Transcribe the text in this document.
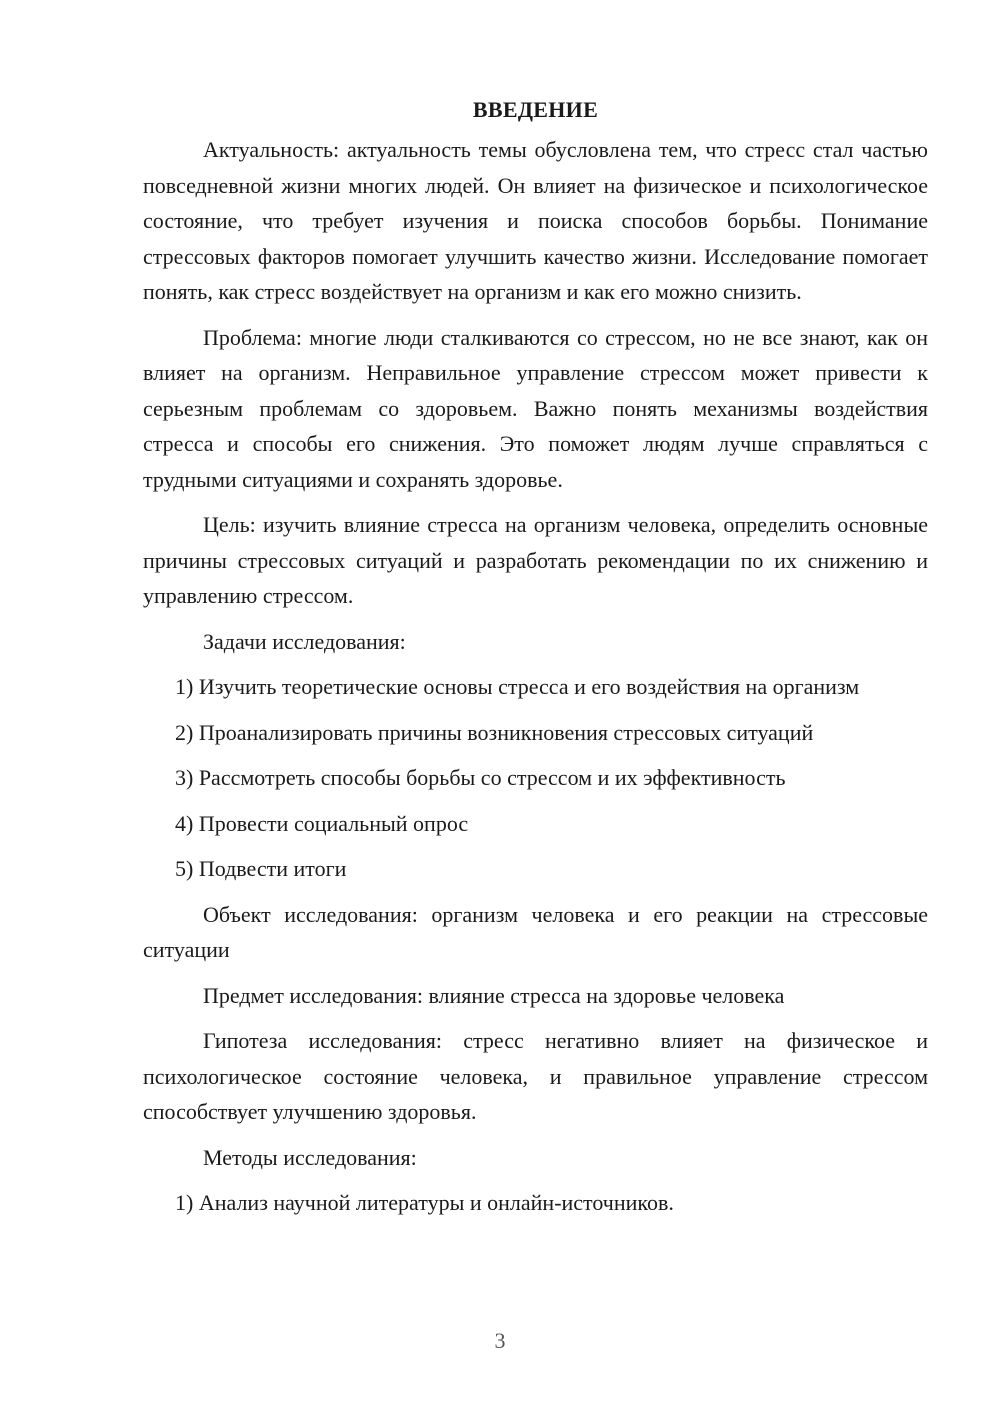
ВВЕДЕНИЕ

Актуальность: актуальность темы обусловлена тем, что стресс стал частью повседневной жизни многих людей. Он влияет на физическое и психологическое состояние, что требует изучения и поиска способов борьбы. Понимание стрессовых факторов помогает улучшить качество жизни. Исследование помогает понять, как стресс воздействует на организм и как его можно снизить.

Проблема: многие люди сталкиваются со стрессом, но не все знают, как он влияет на организм. Неправильное управление стрессом может привести к серьезным проблемам со здоровьем. Важно понять механизмы воздействия стресса и способы его снижения. Это поможет людям лучше справляться с трудными ситуациями и сохранять здоровье.

Цель: изучить влияние стресса на организм человека, определить основные причины стрессовых ситуаций и разработать рекомендации по их снижению и управлению стрессом.

Задачи исследования:

1) Изучить теоретические основы стресса и его воздействия на организм

2) Проанализировать причины возникновения стрессовых ситуаций

3) Рассмотреть способы борьбы со стрессом и их эффективность

4) Провести социальный опрос

5) Подвести итоги

Объект исследования: организм человека и его реакции на стрессовые ситуации

Предмет исследования: влияние стресса на здоровье человека

Гипотеза исследования: стресс негативно влияет на физическое и психологическое состояние человека, и правильное управление стрессом способствует улучшению здоровья.

Методы исследования:

1) Анализ научной литературы и онлайн-источников.

3
